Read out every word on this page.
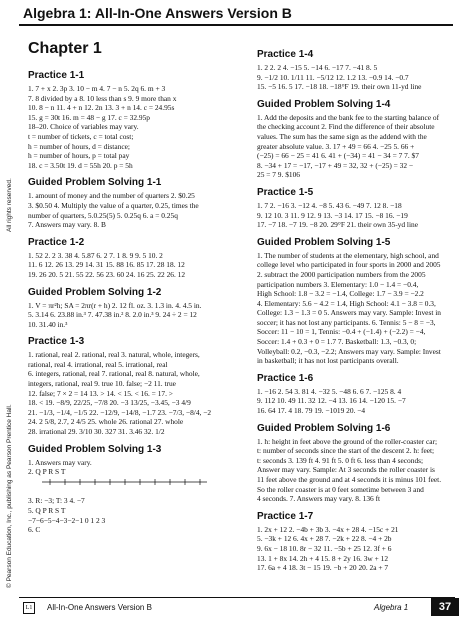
Algebra 1: All-In-One Answers Version B
All rights reserved.
© Pearson Education, Inc., publishing as Pearson Prentice Hall.
Chapter 1
Practice 1-1
1. 7 + x 2. 3p 3. 10 − m 4. 7 − n 5. 2q 6. m + 3
7. 8 divided by a 8. 10 less than s 9. 9 more than x
10. 8 − n 11. 4 + n 12. 2n 13. 3 + n 14. c = 24.95s
15. g = 30t 16. m = 48 − g 17. c = 32.95p
18–20. Choice of variables may vary.
t = number of tickets, c = total cost;
h = number of hours, d = distance;
h = number of hours, p = total pay
18. c = 3.50t 19. d = 55h 20. p = 5h
Guided Problem Solving 1-1
1. amount of money and the number of quarters 2. $0.25
3. $0.50 4. Multiply the value of a quarter, 0.25, times the
number of quarters, 5.0.25(5) 5. 0.25q 6. a = 0.25q
7. Answers may vary. 8. B
Practice 1-2
1. 52 2. 2 3. 38 4. 5.87 6. 2 7. 1 8. 9 9. 5 10. 2
11. 6 12. 26 13. 29 14. 31 15. 88 16. 85 17. 28 18. 12
19. 26 20. 5 21. 55 22. 56 23. 60 24. 16 25. 22 26. 12
Guided Problem Solving 1-2
1. V = πr²h; SA = 2πr(r + h) 2. 12 fl. oz. 3. 1.3 in. 4. 4.5 in.
5. 3.14 6. 23.88 in.³ 7. 47.38 in.² 8. 2.0 in.³ 9. 24 ÷ 2 = 12
10. 31.40 in.³
Practice 1-3
1. rational, real 2. rational, real 3. natural, whole, integers,
rational, real 4. irrational, real 5. irrational, real
6. integers, rational, real 7. rational, real 8. natural, whole,
integers, rational, real 9. true 10. false; −2 11. true
12. false; 7 × 2 = 14 13. > 14. < 15. < 16. = 17. >
18. < 19. −8/9, 22/25, −7/8 20. −3 13/25, −3.45, −3 4/9
21. −1/3, −1/4, −1/5 22. −12/9, −14/8, −1.7 23. −7/3, −8/4, −2
24. 2 5/8, 2.7, 2 4/5 25. whole 26. rational 27. whole
28. irrational 29. 3/10 30. 327 31. 3.46 32. 1/2
Guided Problem Solving 1-3
1. Answers may vary.
2. Q P R S T

3. R: −3; T: 3 4. −7
5. Q P R S T
−7−6−5−4−3−2−1 0 1 2 3
6. C
Practice 1-4
1. 2 2. 2 4. −15 5. −14 6. −17 7. −41 8. 5
9. −1/2 10. 1/11 11. −5/12 12. 1.2 13. −0.9 14. −0.7
15. −5 16. 5 17. −18 18. −18°F 19. their own 11-yd line
Guided Problem Solving 1-4
1. Add the deposits and the bank fee to the starting balance of
the checking account 2. Find the difference of their absolute
values. The sum has the same sign as the addend with the
greater absolute value. 3. 17 + 49 = 66 4. −25 5. 66 +
(−25) = 66 − 25 = 41 6. 41 + (−34) = 41 − 34 = 7 7. $7
8. −34 + 17 = −17, −17 + 49 = 32, 32 + (−25) = 32 −
25 = 7 9. $106
Practice 1-5
1. 7 2. −16 3. −12 4. −8 5. 43 6. −49 7. 12 8. −18
9. 12 10. 3 11. 9 12. 9 13. −3 14. 17 15. −8 16. −19
17. −7 18. −7 19. −8 20. 29°F 21. their own 35-yd line
Guided Problem Solving 1-5
1. The number of students at the elementary, high school, and
college level who participated in four sports in 2000 and 2005
2. subtract the 2000 participation numbers from the 2005
participation numbers 3. Elementary: 1.0 − 1.4 = −0.4,
High School: 1.8 − 3.2 = −1.4, College: 1.7 − 3.9 = −2.2
4. Elementary: 5.6 − 4.2 = 1.4, High School: 4.1 − 3.8 = 0.3,
College: 1.3 − 1.3 = 0 5. Answers may vary. Sample: Invest in
soccer; it has not lost any participants. 6. Tennis: 5 − 8 = −3,
Soccer: 11 − 10 = 1, Tennis: −0.4 + (−1.4) + (−2.2) = −4,
Soccer: 1.4 + 0.3 + 0 = 1.7 7. Basketball: 1.3, −0.3, 0;
Volleyball: 0.2, −0.3, −2.2; Answers may vary. Sample: Invest
in basketball; it has not lost participants overall.
Practice 1-6
1. −16 2. 54 3. 81 4. −32 5. −48 6. 6 7. −125 8. 4
9. 112 10. 49 11. 32 12. −4 13. 16 14. −120 15. −7
16. 64 17. 4 18. 79 19. −1019 20. −4
Guided Problem Solving 1-6
1. h: height in feet above the ground of the roller-coaster car;
t: number of seconds since the start of the descent 2. h: feet;
t: seconds 3. 139 ft 4. 91 ft 5. 0 ft 6. less than 4 seconds;
Answer may vary. Sample: At 3 seconds the roller coaster is
11 feet above the ground and at 4 seconds it is minus 101 feet.
So the roller coaster is at 0 feet sometime between 3 and
4 seconds. 7. Answers may vary. 8. 136 ft
Practice 1-7
1. 2x + 12 2. −4b + 3b 3. −4x + 28 4. −15c + 21
5. −3k + 12 6. 4x + 28 7. −2k + 22 8. −4 + 2b
9. 6x − 18 10. 8r − 32 11. −5b + 25 12. 3f + 6
13. 1 + 8x 14. 2h + 4 15. 8 + 2y 16. 3w + 12
17. 6a + 4 18. 3t − 15 19. −b + 20 20. 2a + 7
L1	All-In-One Answers Version B	Algebra 1	37
